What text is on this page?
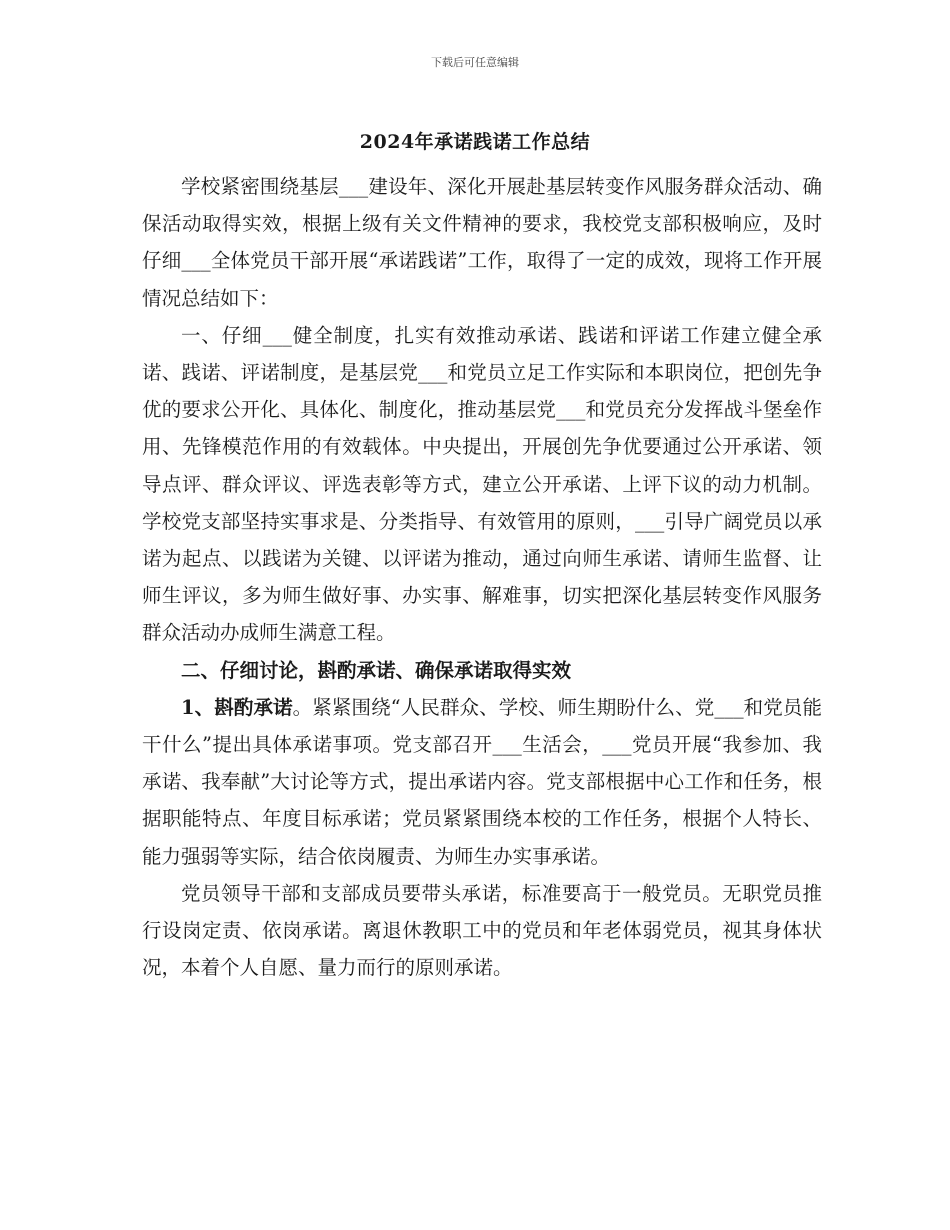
下载后可任意编辑
2024年承诺践诺工作总结

学校紧密围绕基层___建设年、深化开展赴基层转变作风服务群众活动、确保活动取得实效，根据上级有关文件精神的要求，我校党支部积极响应，及时仔细___全体党员干部开展“承诺践诺”工作，取得了一定的成效，现将工作开展情况总结如下：

一、仔细___健全制度，扎实有效推动承诺、践诺和评诺工作建立健全承诺、践诺、评诺制度，是基层党___和党员立足工作实际和本职岗位，把创先争优的要求公开化、具体化、制度化，推动基层党___和党员充分发挥战斗堡垒作用、先锋模范作用的有效载体。中央提出，开展创先争优要通过公开承诺、领导点评、群众评议、评选表彰等方式，建立公开承诺、上评下议的动力机制。学校党支部坚持实事求是、分类指导、有效管用的原则，___引导广阔党员以承诺为起点、以践诺为关键、以评诺为推动，通过向师生承诺、请师生监督、让师生评议，多为师生做好事、办实事、解难事，切实把深化基层转变作风服务群众活动办成师生满意工程。

二、仔细讨论，斟酌承诺、确保承诺取得实效

1、斟酌承诺。紧紧围绕“人民群众、学校、师生期盼什么、党___和党员能干什么”提出具体承诺事项。党支部召开___生活会，___党员开展“我参加、我承诺、我奉献”大讨论等方式，提出承诺内容。党支部根据中心工作和任务，根据职能特点、年度目标承诺；党员紧紧围绕本校的工作任务，根据个人特长、能力强弱等实际，结合依岗履责、为师生办实事承诺。

党员领导干部和支部成员要带头承诺，标准要高于一般党员。无职党员推行设岗定责、依岗承诺。离退休教职工中的党员和年老体弱党员，视其身体状况，本着个人自愿、量力而行的原则承诺。
